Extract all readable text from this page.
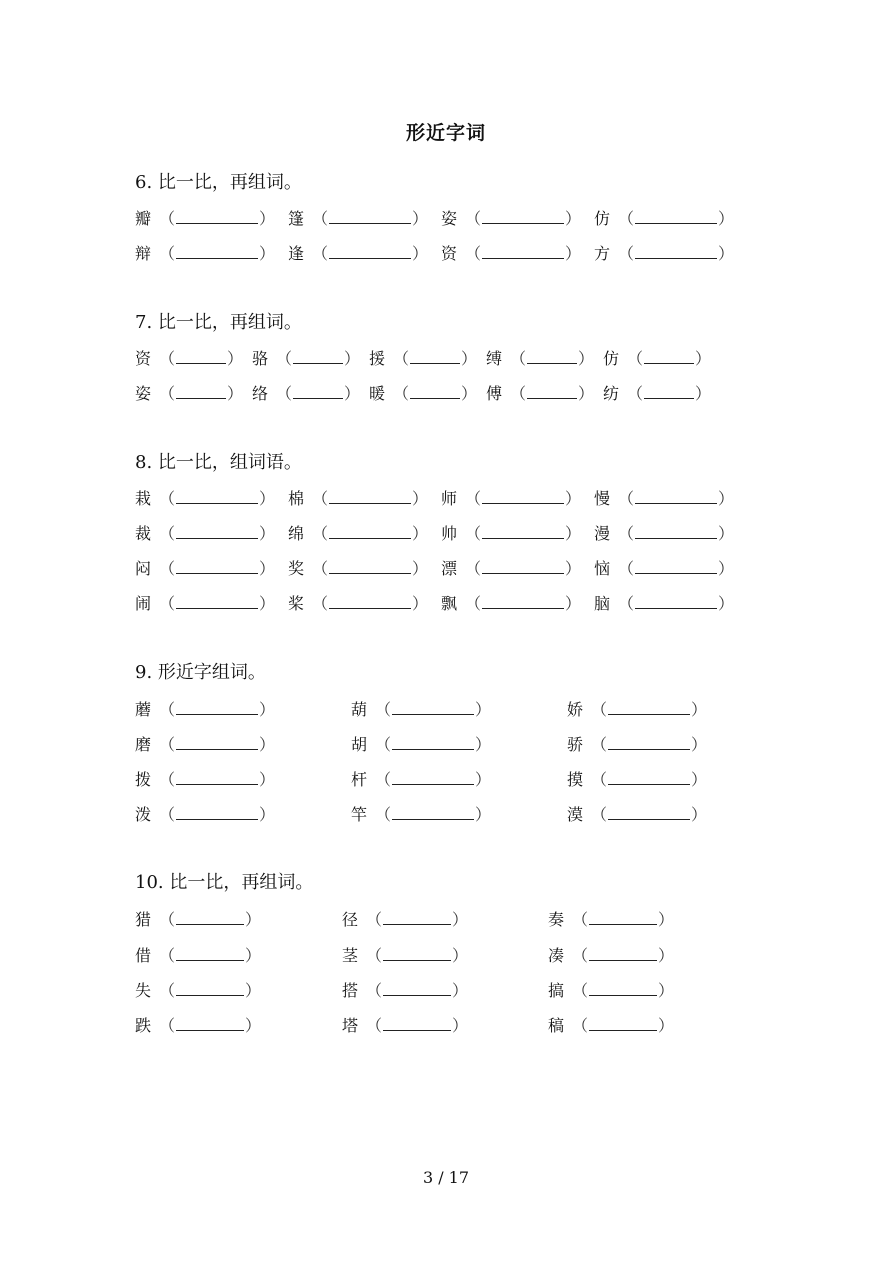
形近字词
6. 比一比，再组词。
瓣 （	） 篷 （	） 姿 （	） 仿 （	）
辩 （	） 逢 （	） 资 （	） 方 （	）
7. 比一比，再组词。
资 （	） 骆 （	） 援 （	） 缚 （	） 仿 （	）
姿 （	） 络 （	） 暖 （	） 傅 （	） 纺 （	）
8. 比一比，组词语。
栽 （	） 棉 （	） 师 （	） 慢 （	）
裁 （	） 绵 （	） 帅 （	） 漫 （	）
闷 （	） 奖 （	） 漂 （	） 恼 （	）
闹 （	） 桨 （	） 飘 （	） 脑 （	）
9. 形近字组词。
蘑 （	）	葫 （	）	娇 （	）
磨 （	）	胡 （	）	骄 （	）
拨 （	）	杆 （	）	摸 （	）
泼 （	）	竿 （	）	漠 （	）
10. 比一比，再组词。
猎 （	）	径 （	）	奏 （	）
借 （	）	茎 （	）	凑 （	）
失 （	）	搭 （	）	搞 （	）
跌 （	）	塔 （	）	稿 （	）
3 / 17
